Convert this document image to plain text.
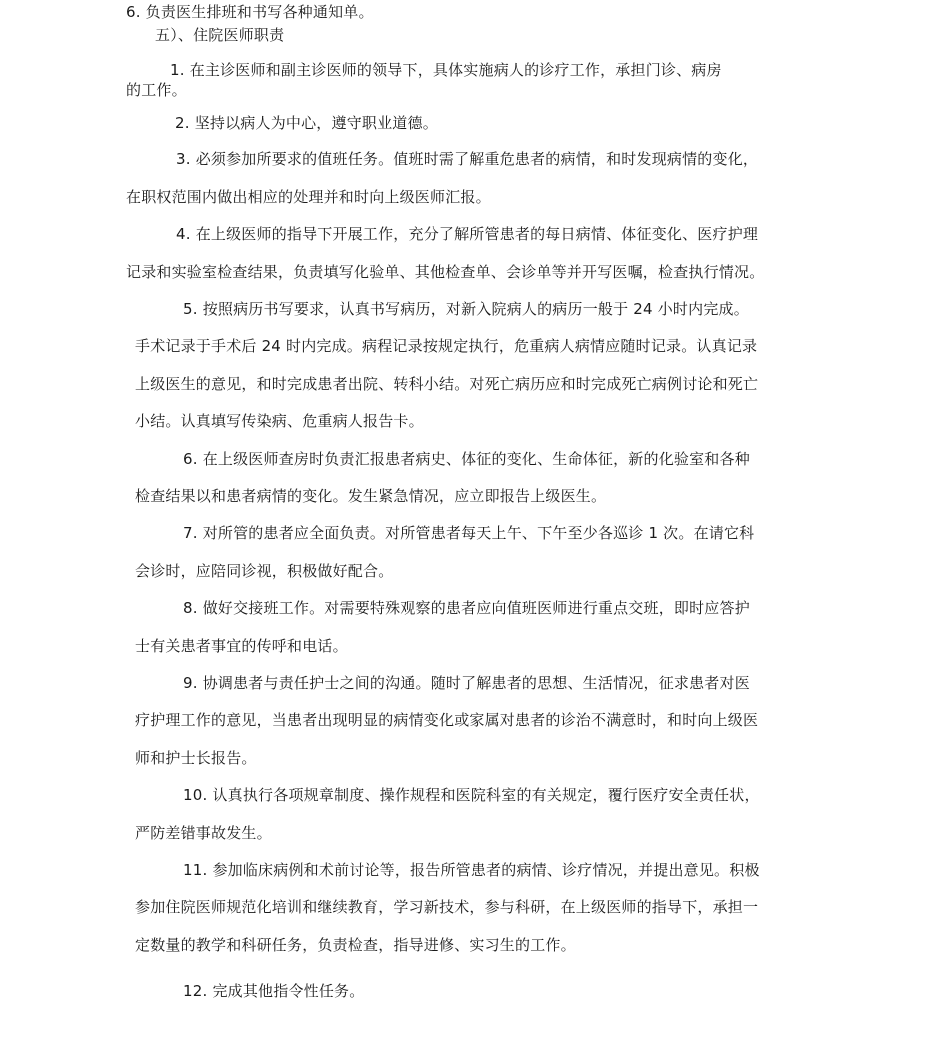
6. 负责医生排班和书写各种通知单。
五）、住院医师职责
1. 在主诊医师和副主诊医师的领导下，具体实施病人的诊疗工作，承担门诊、病房
的工作。
2. 坚持以病人为中心，遵守职业道德。
3. 必须参加所要求的值班任务。值班时需了解重危患者的病情，和时发现病情的变化，
在职权范围内做出相应的处理并和时向上级医师汇报。
4. 在上级医师的指导下开展工作，充分了解所管患者的每日病情、体征变化、医疗护理
记录和实验室检查结果，负责填写化验单、其他检查单、会诊单等并开写医嘱，检查执行情况。
5. 按照病历书写要求，认真书写病历，对新入院病人的病历一般于 24 小时内完成。
手术记录于手术后 24 时内完成。病程记录按规定执行，危重病人病情应随时记录。认真记录
上级医生的意见，和时完成患者出院、转科小结。对死亡病历应和时完成死亡病例讨论和死亡
小结。认真填写传染病、危重病人报告卡。
6. 在上级医师查房时负责汇报患者病史、体征的变化、生命体征，新的化验室和各种
检查结果以和患者病情的变化。发生紧急情况，应立即报告上级医生。
7. 对所管的患者应全面负责。对所管患者每天上午、下午至少各巡诊 1 次。在请它科
会诊时，应陪同诊视，积极做好配合。
8. 做好交接班工作。对需要特殊观察的患者应向值班医师进行重点交班，即时应答护
士有关患者事宜的传呼和电话。
9. 协调患者与责任护士之间的沟通。随时了解患者的思想、生活情况，征求患者对医
疗护理工作的意见，当患者出现明显的病情变化或家属对患者的诊治不满意时，和时向上级医
师和护士长报告。
10. 认真执行各项规章制度、操作规程和医院科室的有关规定，覆行医疗安全责任状，
严防差错事故发生。
11. 参加临床病例和术前讨论等，报告所管患者的病情、诊疗情况，并提出意见。积极
参加住院医师规范化培训和继续教育，学习新技术，参与科研，在上级医师的指导下，承担一
定数量的教学和科研任务，负责检查，指导进修、实习生的工作。
12. 完成其他指令性任务。
